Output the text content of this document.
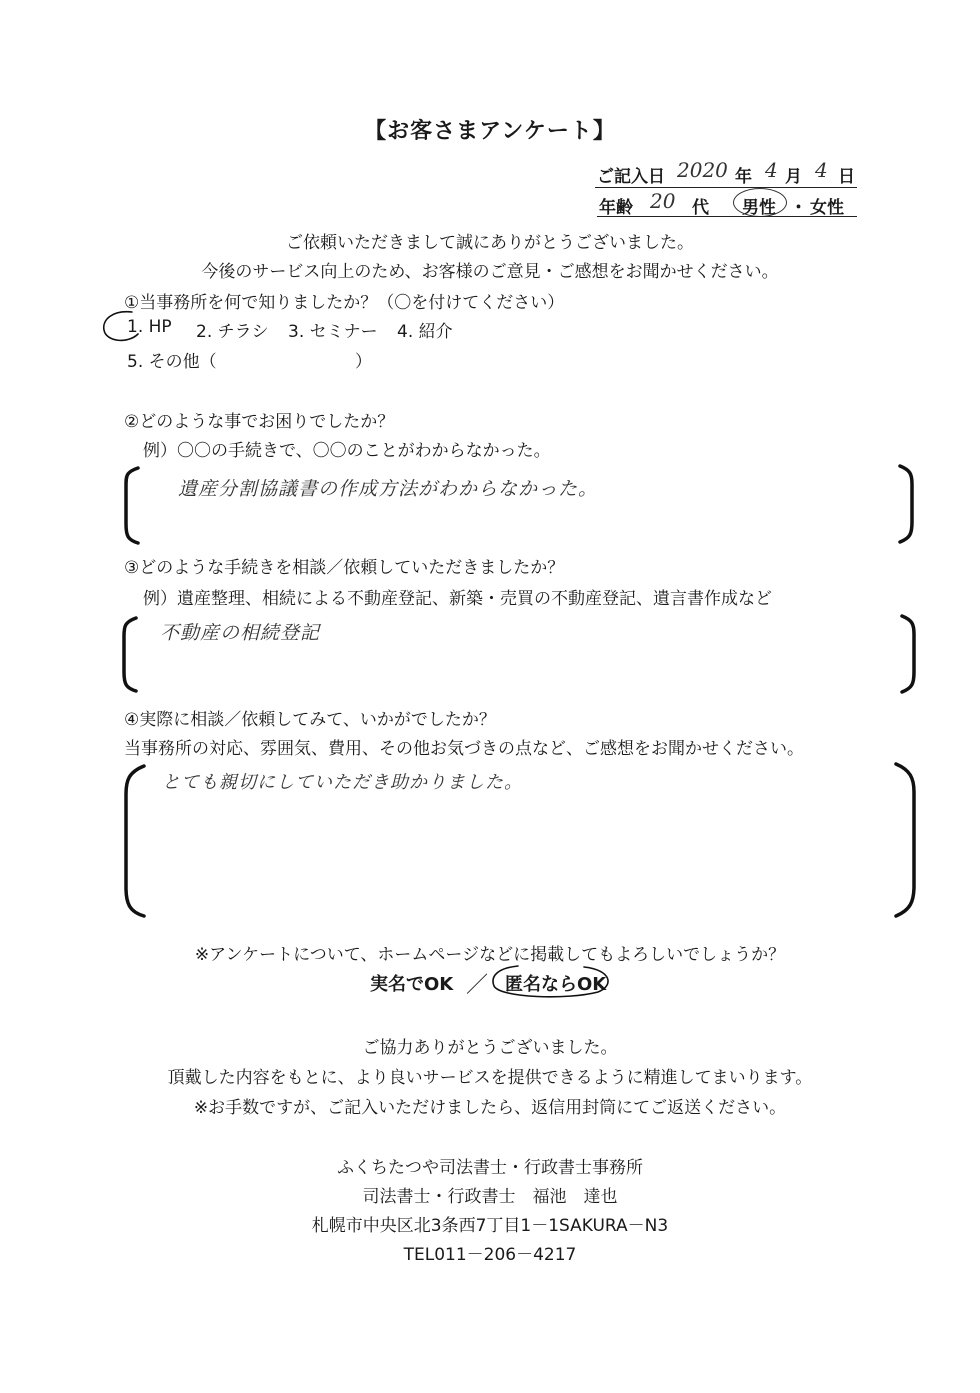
【お客さまアンケート】
ご記入日 2020 年 4 月 4 日
年齢 20 代 男性 ・ 女性
ご依頼いただきまして誠にありがとうございました。
今後のサービス向上のため、お客様のご意見・ご感想をお聞かせください。
①当事務所を何で知りましたか？（〇を付けてください）
1. HP 2. チラシ 3. セミナー 4. 紹介
5. その他（	）
②どのような事でお困りでしたか？
例）〇〇の手続きで、〇〇のことがわからなかった。
遺産分割協議書の作成方法がわからなかった。
③どのような手続きを相談／依頼していただきましたか？
例）遺産整理、相続による不動産登記、新築・売買の不動産登記、遺言書作成など
不動産の相続登記
④実際に相談／依頼してみて、いかがでしたか？
当事務所の対応、雰囲気、費用、その他お気づきの点など、ご感想をお聞かせください。
とても親切にしていただき助かりました。
※アンケートについて、ホームページなどに掲載してもよろしいでしょうか？
実名でOK ／ 匿名ならOK
ご協力ありがとうございました。
頂戴した内容をもとに、より良いサービスを提供できるように精進してまいります。
※お手数ですが、ご記入いただけましたら、返信用封筒にてご返送ください。
ふくちたつや司法書士・行政書士事務所
司法書士・行政書士　福池　達也
札幌市中央区北3条西7丁目1－1SAKURA－N3
TEL011－206－4217
